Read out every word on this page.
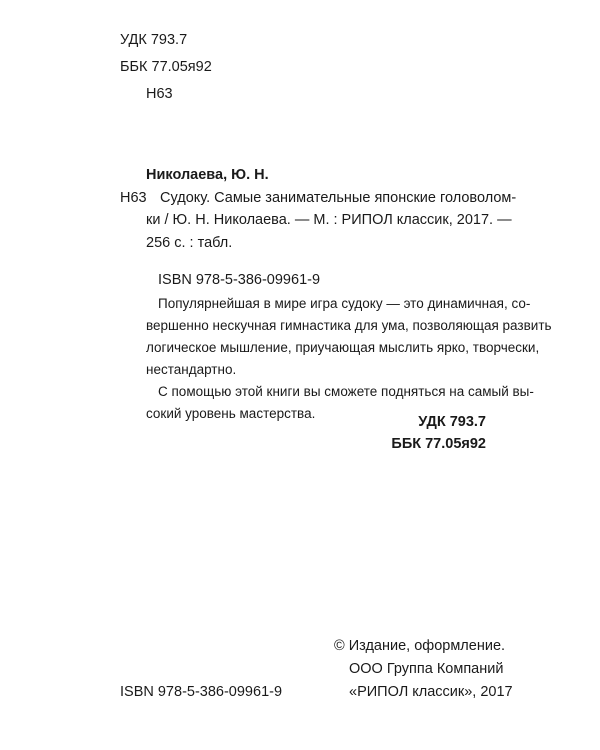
УДК 793.7
ББК 77.05я92
Н63
Николаева, Ю. Н.
Н63 Судоку. Самые занимательные японские головолом-
ки / Ю. Н. Николаева. — М. : РИПОЛ классик, 2017. —
256 с. : табл.
ISBN 978-5-386-09961-9
Популярнейшая в мире игра судоку — это динамичная, со-
вершенно нескучная гимнастика для ума, позволяющая развить
логическое мышление, приучающая мыслить ярко, творчески,
нестандартно.
С помощью этой книги вы сможете подняться на самый вы-
сокий уровень мастерства.
УДК 793.7
ББК 77.05я92
© Издание, оформление.
ООО Группа Компаний
«РИПОЛ классик», 2017
ISBN 978-5-386-09961-9
